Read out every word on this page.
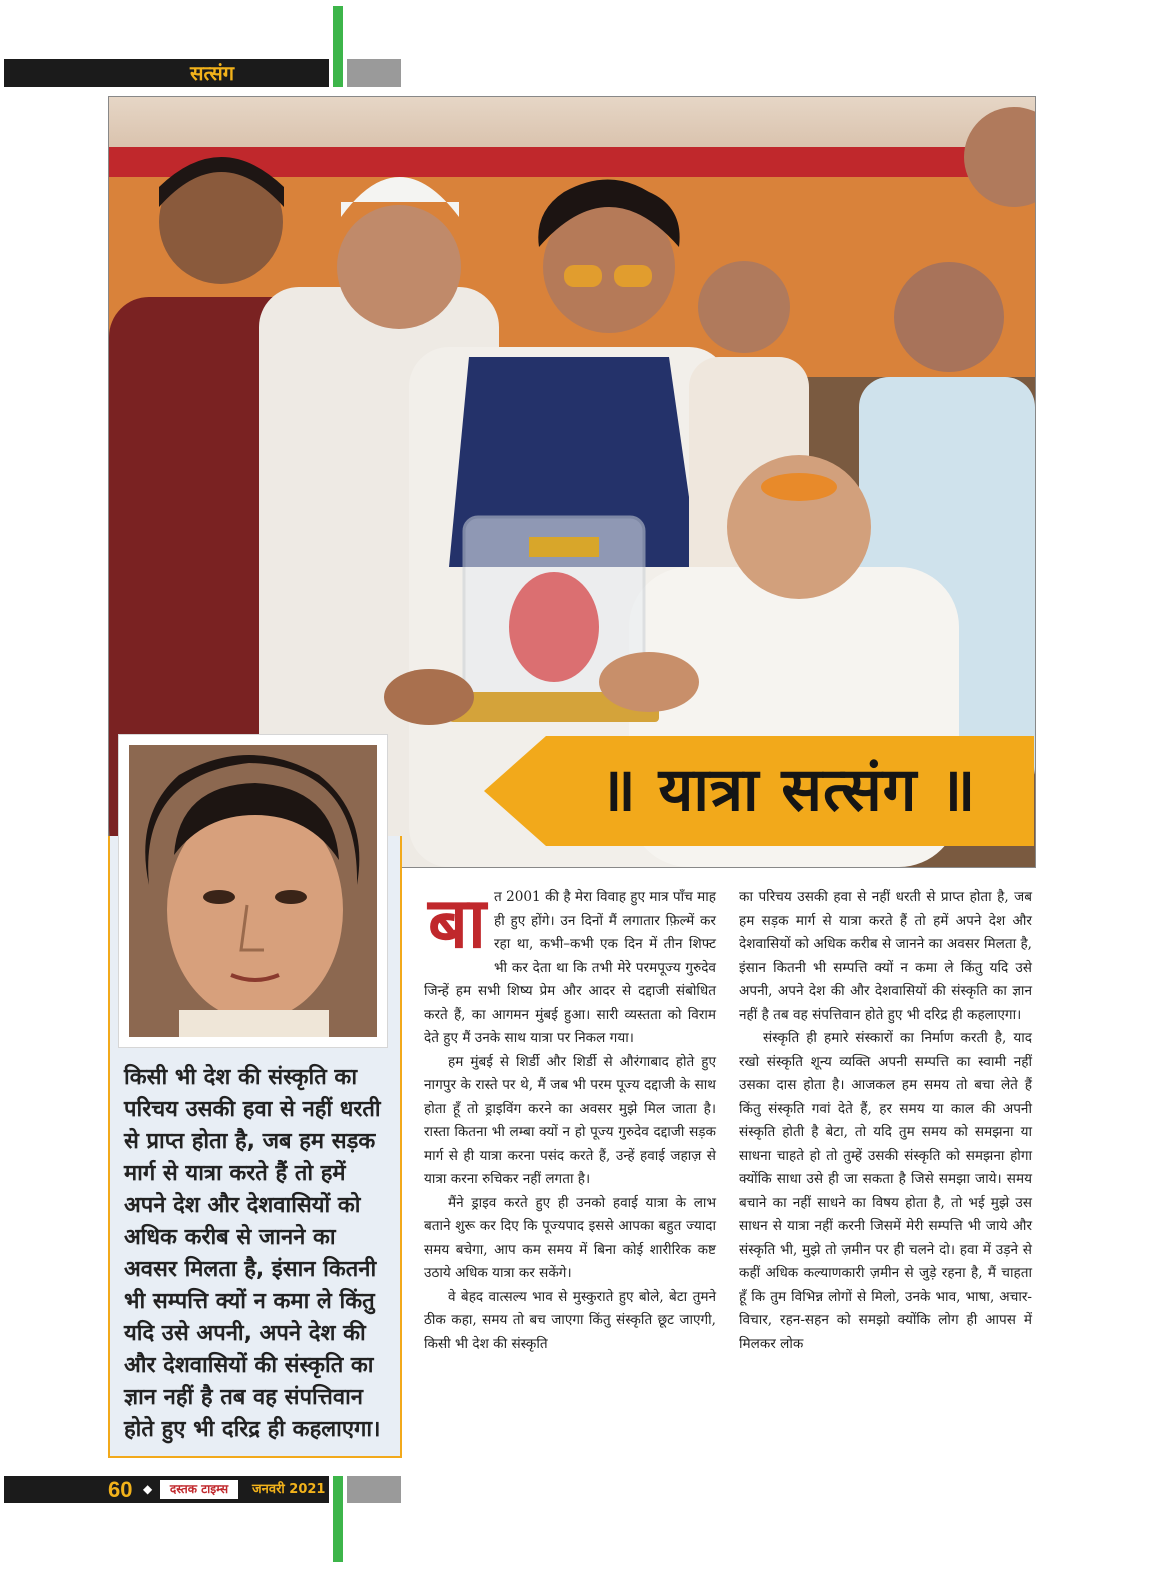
सत्संग
॥ यात्रा सत्संग ॥

किसी भी देश की संस्कृति का परिचय उसकी हवा से नहीं धरती से प्राप्त होता है, जब हम सड़क मार्ग से यात्रा करते हैं तो हमें अपने देश और देशवासियों को अधिक करीब से जानने का अवसर मिलता है, इंसान कितनी भी सम्पत्ति क्यों न कमा ले किंतु यदि उसे अपनी, अपने देश की और देशवासियों की संस्कृति का ज्ञान नहीं है तब वह संपत्तिवान होते हुए भी दरिद्र ही कहलाएगा।

बा त 2001 की है मेरा विवाह हुए मात्र पाँच माह ही हुए होंगे। उन दिनों मैं लगातार फ़िल्में कर रहा था, कभी–कभी एक दिन में तीन शिफ्ट भी कर देता था कि तभी मेरे परमपूज्य गुरुदेव जिन्हें हम सभी शिष्य प्रेम और आदर से दद्दाजी संबोधित करते हैं, का आगमन मुंबई हुआ। सारी व्यस्तता को विराम देते हुए मैं उनके साथ यात्रा पर निकल गया।

हम मुंबई से शिर्डी और शिर्डी से औरंगाबाद होते हुए नागपुर के रास्ते पर थे, मैं जब भी परम पूज्य दद्दाजी के साथ होता हूँ तो ड्राइविंग करने का अवसर मुझे मिल जाता है। रास्ता कितना भी लम्बा क्यों न हो पूज्य गुरुदेव दद्दाजी सड़क मार्ग से ही यात्रा करना पसंद करते हैं, उन्हें हवाई जहाज़ से यात्रा करना रुचिकर नहीं लगता है।

मैंने ड्राइव करते हुए ही उनको हवाई यात्रा के लाभ बताने शुरू कर दिए कि पूज्यपाद इससे आपका बहुत ज्यादा समय बचेगा, आप कम समय में बिना कोई शारीरिक कष्ट उठाये अधिक यात्रा कर सकेंगे।

वे बेहद वात्सल्य भाव से मुस्कुराते हुए बोले, बेटा तुमने ठीक कहा, समय तो बच जाएगा किंतु संस्कृति छूट जाएगी, किसी भी देश की संस्कृति

का परिचय उसकी हवा से नहीं धरती से प्राप्त होता है, जब हम सड़क मार्ग से यात्रा करते हैं तो हमें अपने देश और देशवासियों को अधिक करीब से जानने का अवसर मिलता है, इंसान कितनी भी सम्पत्ति क्यों न कमा ले किंतु यदि उसे अपनी, अपने देश की और देशवासियों की संस्कृति का ज्ञान नहीं है तब वह संपत्तिवान होते हुए भी दरिद्र ही कहलाएगा।

संस्कृति ही हमारे संस्कारों का निर्माण करती है, याद रखो संस्कृति शून्य व्यक्ति अपनी सम्पत्ति का स्वामी नहीं उसका दास होता है। आजकल हम समय तो बचा लेते हैं किंतु संस्कृति गवां देते हैं, हर समय या काल की अपनी संस्कृति होती है बेटा, तो यदि तुम समय को समझना या साधना चाहते हो तो तुम्हें उसकी संस्कृति को समझना होगा क्योंकि साधा उसे ही जा सकता है जिसे समझा जाये। समय बचाने का नहीं साधने का विषय होता है, तो भई मुझे उस साधन से यात्रा नहीं करनी जिसमें मेरी सम्पत्ति भी जाये और संस्कृति भी, मुझे तो ज़मीन पर ही चलने दो। हवा में उड़ने से कहीं अधिक कल्याणकारी ज़मीन से जुड़े रहना है, मैं चाहता हूँ कि तुम विभिन्न लोगों से मिलो, उनके भाव, भाषा, अचार-विचार, रहन-सहन को समझो क्योंकि लोग ही आपस में मिलकर लोक

60 ◆	दस्तक टाइम्स	जनवरी 2021
